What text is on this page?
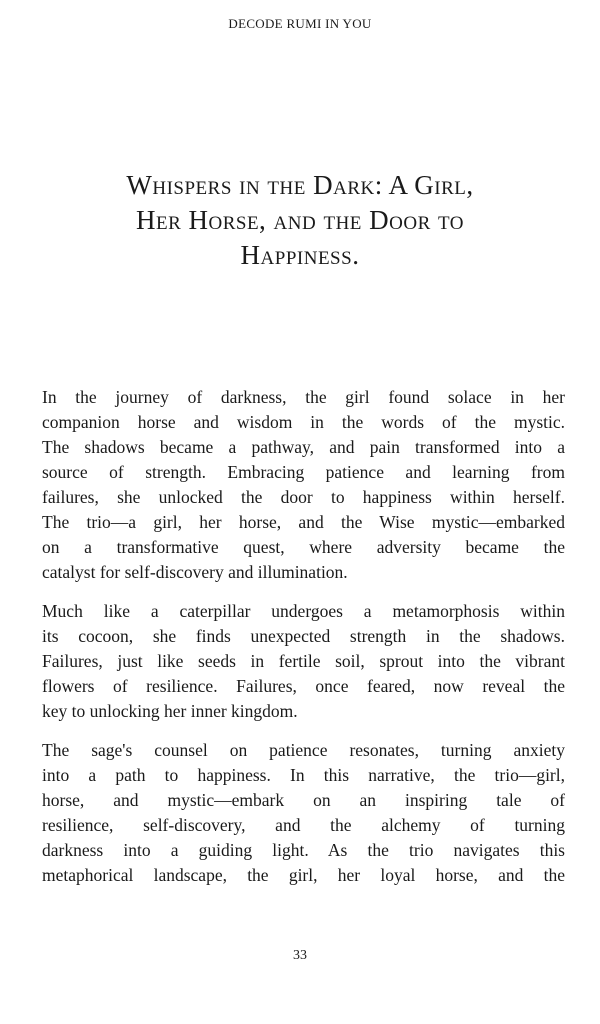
DECODE RUMI IN YOU
Whispers in the Dark: A Girl,
Her Horse, and the Door to
Happiness.

In the journey of darkness, the girl found solace in her
companion horse and wisdom in the words of the mystic.
The shadows became a pathway, and pain transformed into a
source of strength. Embracing patience and learning from
failures, she unlocked the door to happiness within herself.
The trio—a girl, her horse, and the Wise mystic—embarked
on a transformative quest, where adversity became the
catalyst for self-discovery and illumination.

Much like a caterpillar undergoes a metamorphosis within
its cocoon, she finds unexpected strength in the shadows.
Failures, just like seeds in fertile soil, sprout into the vibrant
flowers of resilience. Failures, once feared, now reveal the
key to unlocking her inner kingdom.

The sage's counsel on patience resonates, turning anxiety
into a path to happiness. In this narrative, the trio—girl,
horse, and mystic—embark on an inspiring tale of
resilience, self-discovery, and the alchemy of turning
darkness into a guiding light. As the trio navigates this
metaphorical landscape, the girl, her loyal horse, and the

33
